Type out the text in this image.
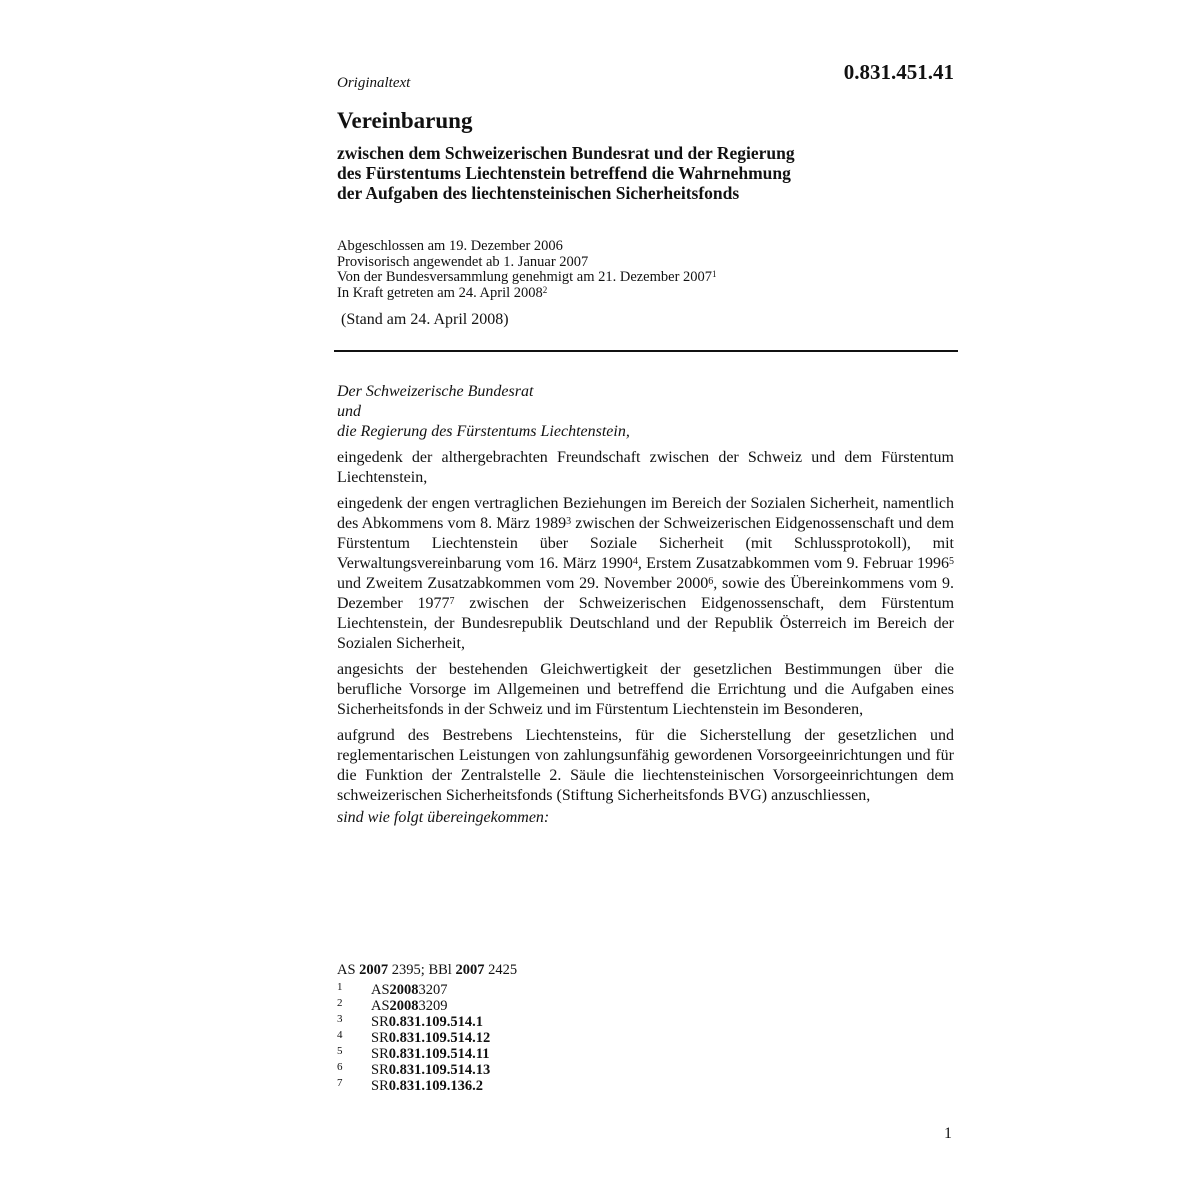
0.831.451.41
Originaltext
Vereinbarung
zwischen dem Schweizerischen Bundesrat und der Regierung
des Fürstentums Liechtenstein betreffend die Wahrnehmung
der Aufgaben des liechtensteinischen Sicherheitsfonds
Abgeschlossen am 19. Dezember 2006
Provisorisch angewendet ab 1. Januar 2007
Von der Bundesversammlung genehmigt am 21. Dezember 2007$^1$
In Kraft getreten am 24. April 2008$^2$
(Stand am 24. April 2008)
Der Schweizerische Bundesrat
und
die Regierung des Fürstentums Liechtenstein,
eingedenk der althergebrachten Freundschaft zwischen der Schweiz und dem Fürstentum Liechtenstein,
eingedenk der engen vertraglichen Beziehungen im Bereich der Sozialen Sicherheit, namentlich des Abkommens vom 8. März 1989$^3$ zwischen der Schweizerischen Eidgenossenschaft und dem Fürstentum Liechtenstein über Soziale Sicherheit (mit Schlussprotokoll), mit Verwaltungsvereinbarung vom 16. März 1990$^4$, Erstem Zusatzabkommen vom 9. Februar 1996$^5$ und Zweitem Zusatzabkommen vom 29. November 2000$^6$, sowie des Übereinkommens vom 9. Dezember 1977$^7$ zwischen der Schweizerischen Eidgenossenschaft, dem Fürstentum Liechtenstein, der Bundesrepublik Deutschland und der Republik Österreich im Bereich der Sozialen Sicherheit,
angesichts der bestehenden Gleichwertigkeit der gesetzlichen Bestimmungen über die berufliche Vorsorge im Allgemeinen und betreffend die Errichtung und die Aufgaben eines Sicherheitsfonds in der Schweiz und im Fürstentum Liechtenstein im Besonderen,
aufgrund des Bestrebens Liechtensteins, für die Sicherstellung der gesetzlichen und reglementarischen Leistungen von zahlungsunfähig gewordenen Vorsorgeeinrichtungen und für die Funktion der Zentralstelle 2. Säule die liechtensteinischen Vorsorgeeinrichtungen dem schweizerischen Sicherheitsfonds (Stiftung Sicherheitsfonds BVG) anzuschliessen,
sind wie folgt übereingekommen:
AS 2007 2395; BBl 2007 2425
1	AS 2008 3207
2	AS 2008 3209
3	SR 0.831.109.514.1
4	SR 0.831.109.514.12
5	SR 0.831.109.514.11
6	SR 0.831.109.514.13
7	SR 0.831.109.136.2
1
